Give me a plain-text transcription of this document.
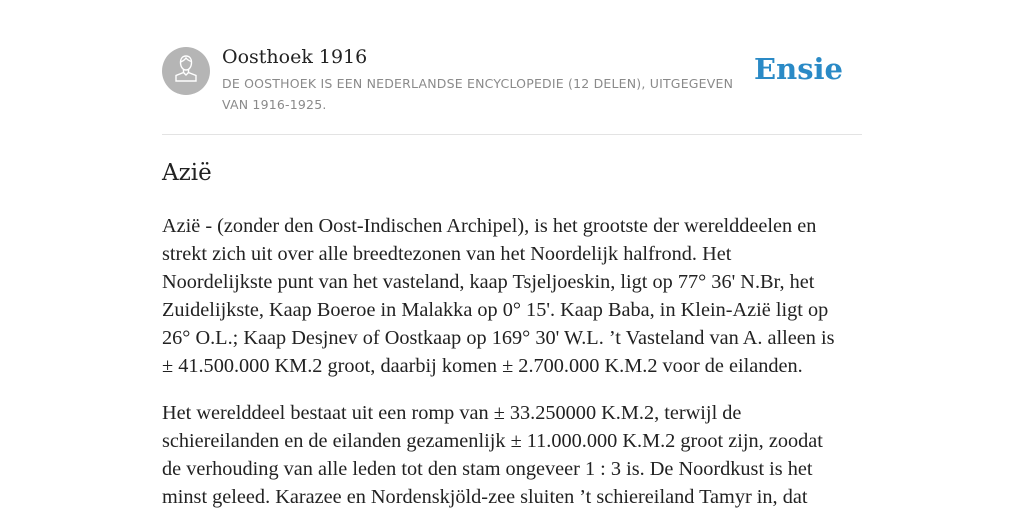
Oosthoek 1916
DE OOSTHOEK IS EEN NEDERLANDSE ENCYCLOPEDIE (12 DELEN), UITGEGEVEN
VAN 1916-1925.
Ensie
Azië

Azië - (zonder den Oost-Indischen Archipel), is het grootste der werelddeelen en
strekt zich uit over alle breedtezonen van het Noordelijk halfrond. Het
Noordelijkste punt van het vasteland, kaap Tsjeljoeskin, ligt op 77° 36' N.Br, het
Zuidelijkste, Kaap Boeroe in Malakka op 0° 15'. Kaap Baba, in Klein-Azië ligt op
26° O.L.; Kaap Desjnev of Oostkaap op 169° 30' W.L. ’t Vasteland van A. alleen is
± 41.500.000 KM.2 groot, daarbij komen ± 2.700.000 K.M.2 voor de eilanden.

Het werelddeel bestaat uit een romp van ± 33.250000 K.M.2, terwijl de
schiereilanden en de eilanden gezamenlijk ± 11.000.000 K.M.2 groot zijn, zoodat
de verhouding van alle leden tot den stam ongeveer 1 : 3 is. De Noordkust is het
minst geleed. Karazee en Nordenskjöld-zee sluiten ’t schiereiland Tamyr in, dat
